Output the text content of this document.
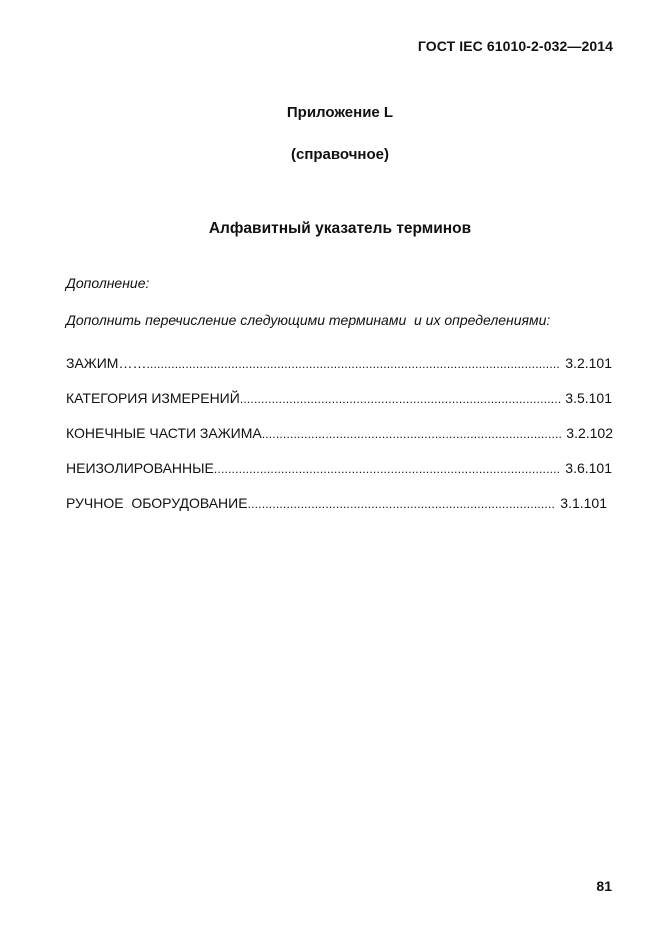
ГОСТ IEC 61010-2-032—2014
Приложение L
(справочное)
Алфавитный указатель терминов
Дополнение:
Дополнить перечисление следующими терминами  и их определениями:
ЗАЖИМ…… .....	3.2.101
КАТЕГОРИЯ ИЗМЕРЕНИЙ .....	3.5.101
КОНЕЧНЫЕ ЧАСТИ ЗАЖИМА .....	3.2.102
НЕИЗОЛИРОВАННЫЕ .....	3.6.101
РУЧНОЕ  ОБОРУДОВАНИЕ .....	3.1.101
81
